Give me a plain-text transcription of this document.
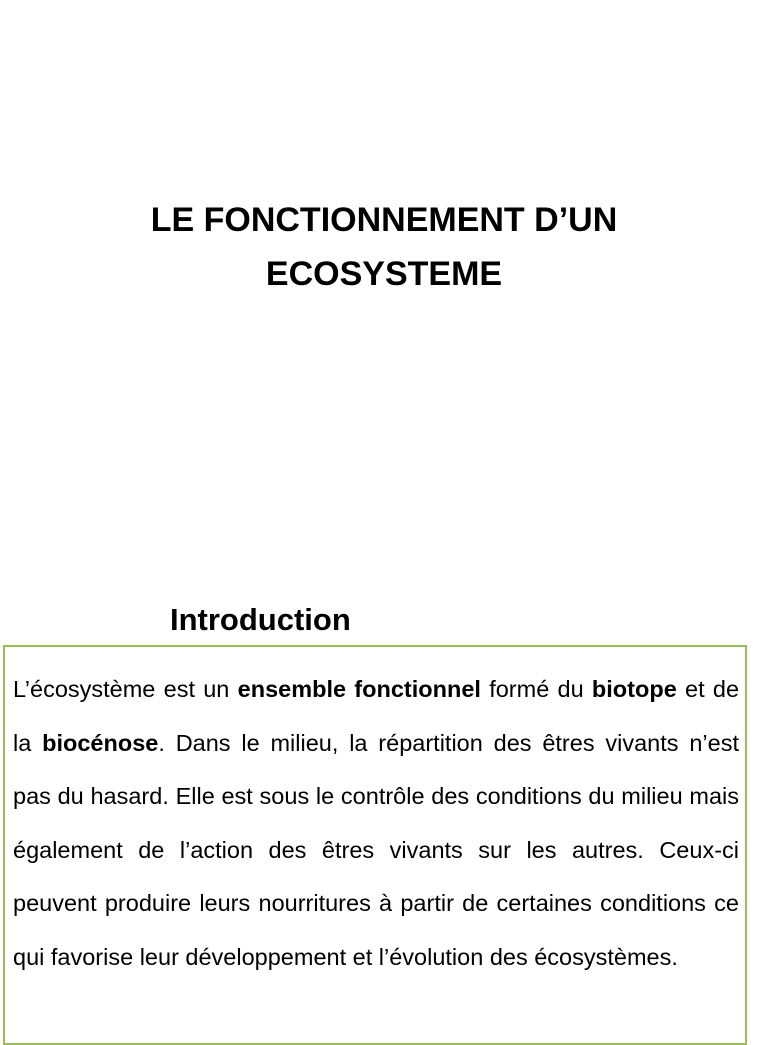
LE FONCTIONNEMENT D’UN
ECOSYSTEME
Introduction

L’écosystème est un ensemble fonctionnel formé du biotope et de la biocénose. Dans le milieu, la répartition des êtres vivants n’est pas du hasard. Elle est sous le contrôle des conditions du milieu mais également de l’action des êtres vivants sur les autres. Ceux-ci peuvent produire leurs nourritures à partir de certaines conditions ce qui favorise leur développement et l’évolution des écosystèmes.
